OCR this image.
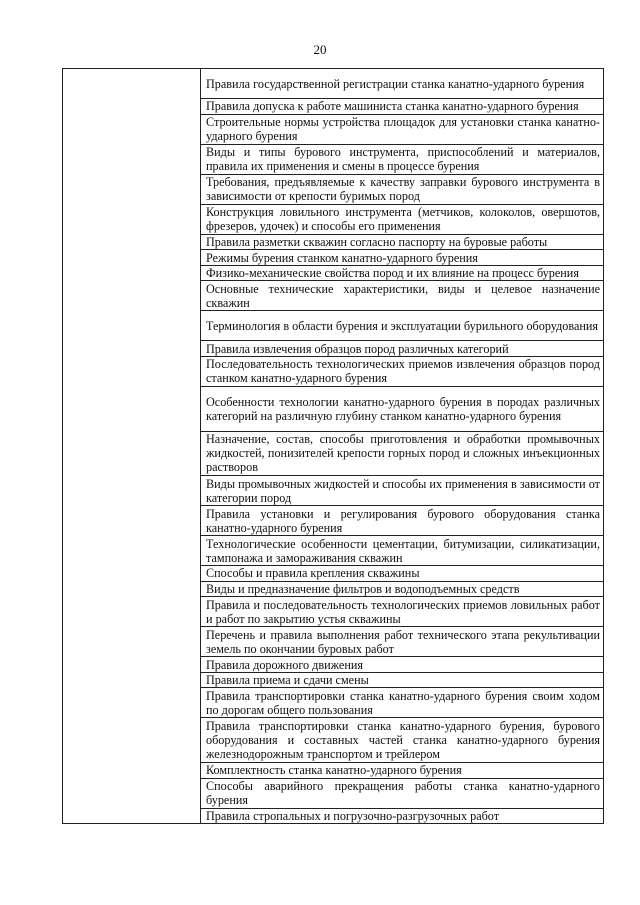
20
Правила государственной регистрации станка канатно-ударного бурения
Правила допуска к работе машиниста станка канатно-ударного бурения
Строительные нормы устройства площадок для установки станка канатно-ударного бурения
Виды и типы бурового инструмента, приспособлений и материалов, правила их применения и смены в процессе бурения
Требования, предъявляемые к качеству заправки бурового инструмента в зависимости от крепости буримых пород
Конструкция ловильного инструмента (метчиков, колоколов, овершотов, фрезеров, удочек) и способы его применения
Правила разметки скважин согласно паспорту на буровые работы
Режимы бурения станком канатно-ударного бурения
Физико-механические свойства пород и их влияние на процесс бурения
Основные технические характеристики, виды и целевое назначение скважин
Терминология в области бурения и эксплуатации бурильного оборудования
Правила извлечения образцов пород различных категорий
Последовательность технологических приемов извлечения образцов пород станком канатно-ударного бурения
Особенности технологии канатно-ударного бурения в породах различных категорий на различную глубину станком канатно-ударного бурения
Назначение, состав, способы приготовления и обработки промывочных жидкостей, понизителей крепости горных пород и сложных инъекционных растворов
Виды промывочных жидкостей и способы их применения в зависимости от категории пород
Правила установки и регулирования бурового оборудования станка канатно-ударного бурения
Технологические особенности цементации, битумизации, силикатизации, тампонажа и замораживания скважин
Способы и правила крепления скважины
Виды и предназначение фильтров и водоподъемных средств
Правила и последовательность технологических приемов ловильных работ и работ по закрытию устья скважины
Перечень и правила выполнения работ технического этапа рекультивации земель по окончании буровых работ
Правила дорожного движения
Правила приема и сдачи смены
Правила транспортировки станка канатно-ударного бурения своим ходом по дорогам общего пользования
Правила транспортировки станка канатно-ударного бурения, бурового оборудования и составных частей станка канатно-ударного бурения железнодорожным транспортом и трейлером
Комплектность станка канатно-ударного бурения
Способы аварийного прекращения работы станка канатно-ударного бурения
Правила стропальных и погрузочно-разгрузочных работ
